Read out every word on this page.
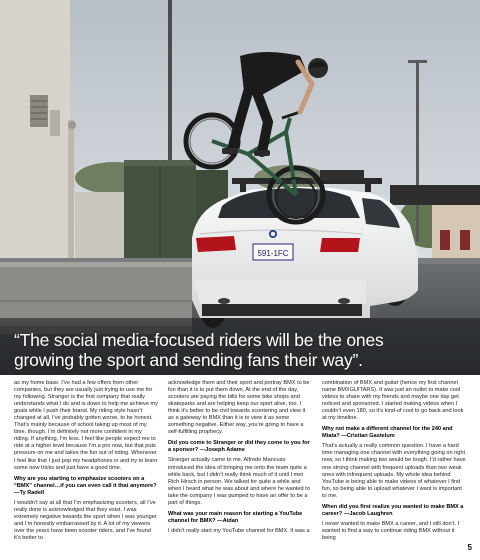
591-1FC
“The social media-focused riders will be the ones
growing the sport and sending fans their way”.

as my home base. I’ve had a few offers from other companies, but they are usually just trying to use me for my following. Stranger is the first company that really understands what I do and is down to help me achieve my goals while I push their brand. My riding style hasn’t changed at all, I’ve probably gotten worse, to be honest. That’s mainly because of school taking up most of my time, though. I’m definitely not more confident in my riding. If anything, I’m less. I feel like people expect me to ride at a higher level because I’m a pro now, but that puts pressure on me and takes the fun out of riding. Whenever I feel like that I just pop my headphones in and try to learn some new tricks and just have a good time.

Why are you starting to emphasize scooters on a “BMX” channel…if you can even call it that anymore? —Ty Radell

I wouldn’t say at all that I’m emphasizing scooters, all I’ve really done is acknowledged that they exist. I was extremely negative towards the sport when I was younger and I’m honestly embarrassed by it. A lot of my viewers over the years have been scooter riders, and I’ve found it’s better to

acknowledge them and their sport and portray BMX to be fun than it is to put them down. At the end of the day, scooters are paying the bills for some bike shops and skateparks and are helping keep our sport alive, too. I think it’s better to be civil towards scootering and view it as a gateway to BMX than it is to view it as some something negative. Either way, you’re going to have a self-fulfilling prophecy.

Did you come to Stranger or did they come to you for a sponsor? —Joseph Adame

Stranger actually came to me. Alfredo Mancuso introduced the idea of bringing me onto the team quite a while back, but I didn’t really think much of it until I met Rich Hirsch in person. We talked for quite a while and when I heard what he was about and where he wanted to take the company I was pumped to have an offer to be a part of things.

What was your main reason for starting a YouTube channel for BMX? —Aidan

I didn’t really start my YouTube channel for BMX. It was a

combination of BMX and guitar (hence my first channel name BMXGUITARS). It was just an outlet to make cool videos to share with my friends and maybe one day get noticed and sponsored. I started making videos when I couldn’t even 180, so it’s kind-of cool to go back and look at my timeline.

Why not make a different channel for the 240 and Miata? —Cristian Gastelum

That’s actually a really common question. I have a hard time managing one channel with everything going on right now, so I think making two would be tough. I’d rather have one strong channel with frequent uploads than two weak ones with infrequent uploads. My whole idea behind YouTube is being able to make videos of whatever I find fun, so being able to upload whatever I want is important to me.

When did you first realize you wanted to make BMX a career? —Jacob Laughren

I never wanted to make BMX a career, and I still don’t. I wanted to find a way to continue riding BMX without it being

5
